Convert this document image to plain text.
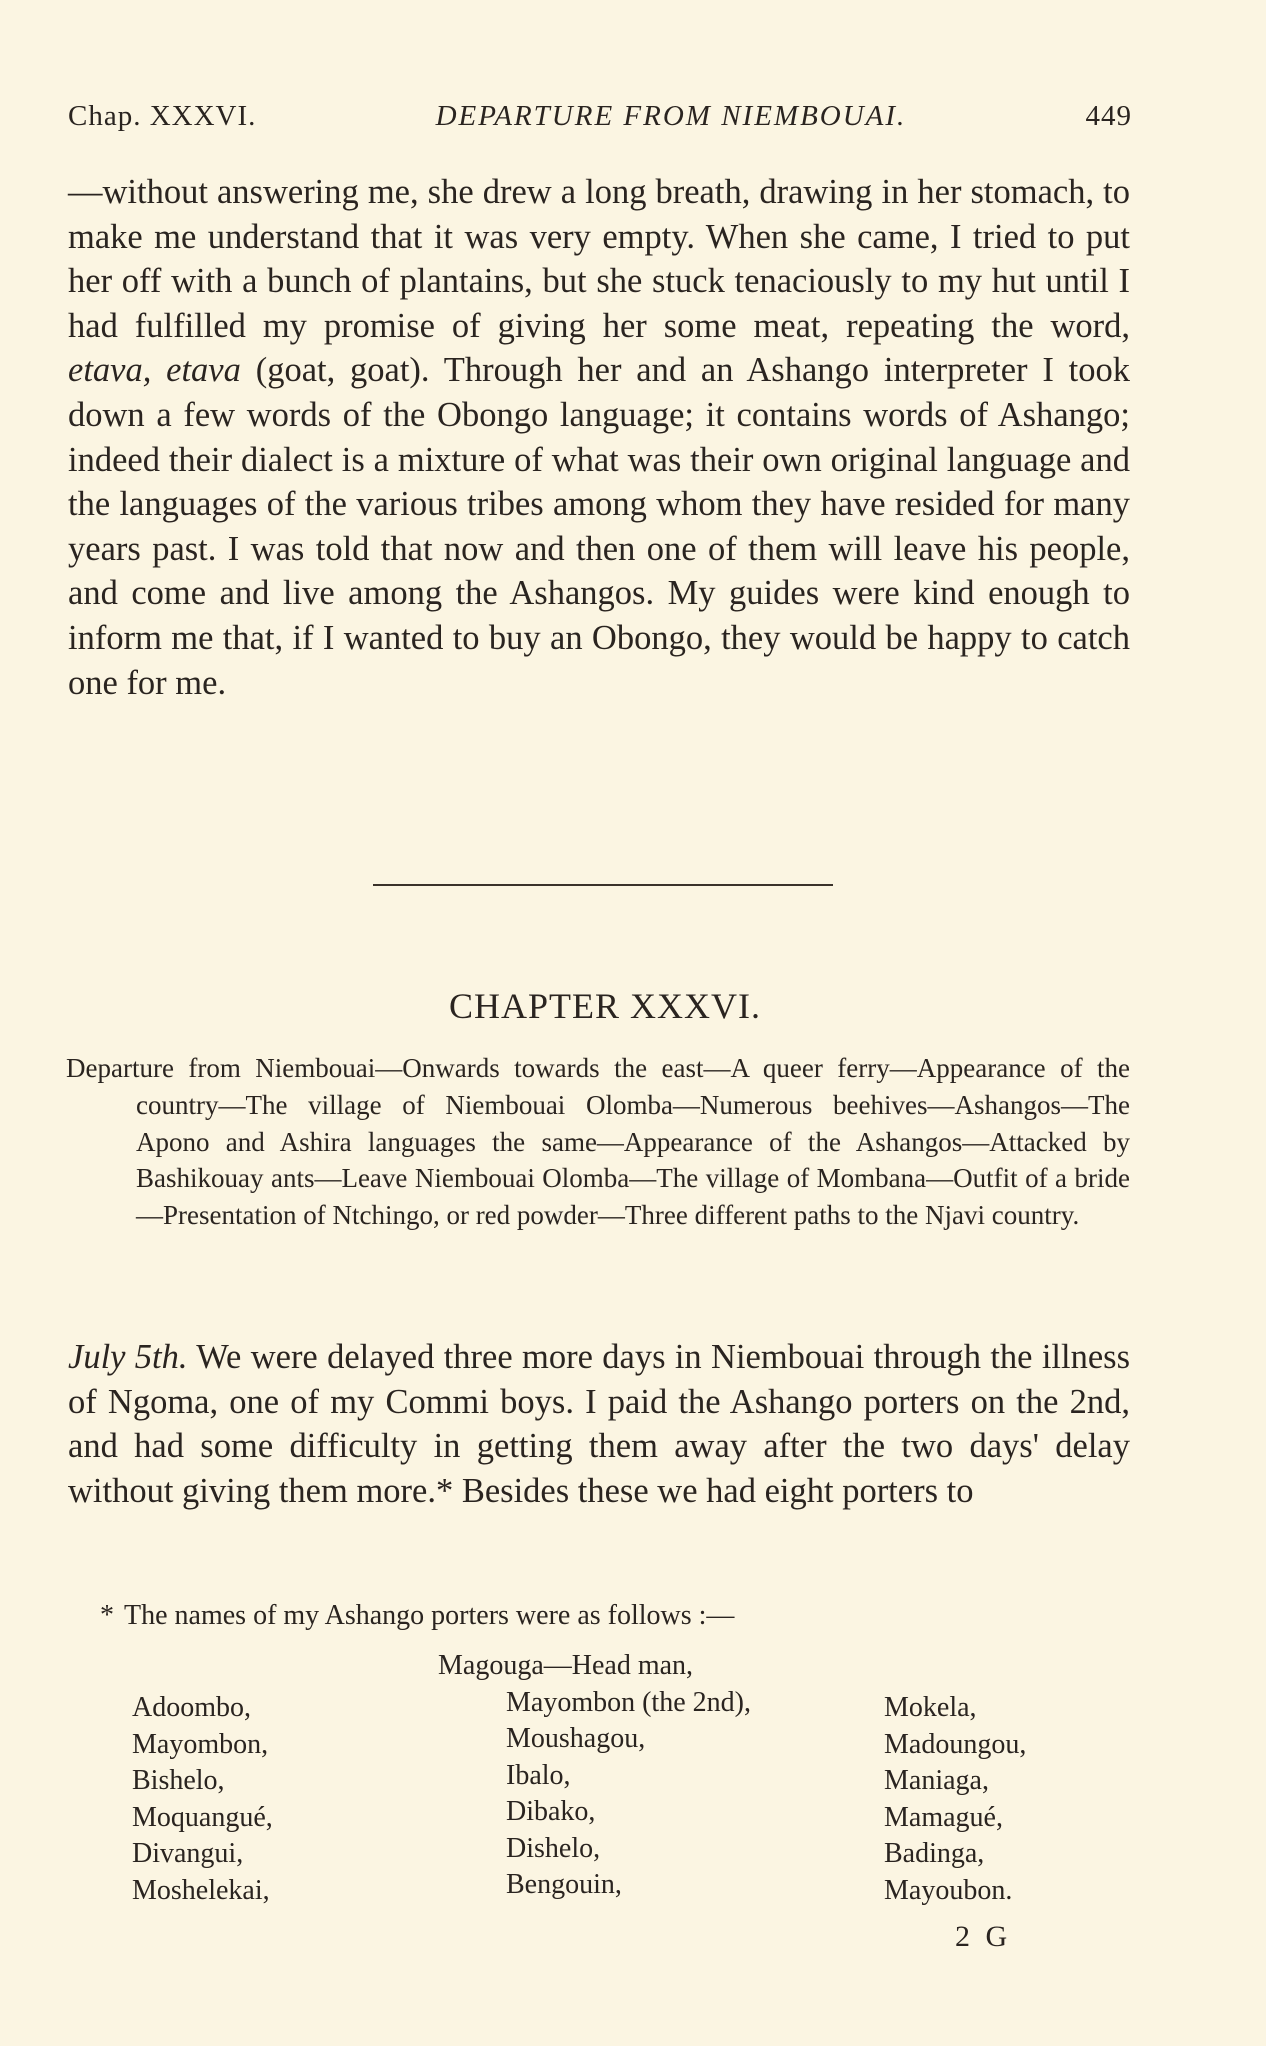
Chap. XXXVI.	DEPARTURE FROM NIEMBOUAI.	449
—without answering me, she drew a long breath, drawing in her stomach, to make me understand that it was very empty. When she came, I tried to put her off with a bunch of plantains, but she stuck tenaciously to my hut until I had fulfilled my promise of giving her some meat, repeating the word, etava, etava (goat, goat). Through her and an Ashango interpreter I took down a few words of the Obongo language; it contains words of Ashango; indeed their dialect is a mixture of what was their own original language and the languages of the various tribes among whom they have resided for many years past. I was told that now and then one of them will leave his people, and come and live among the Ashangos. My guides were kind enough to inform me that, if I wanted to buy an Obongo, they would be happy to catch one for me.
CHAPTER XXXVI.
Departure from Niembouai—Onwards towards the east—A queer ferry—Appearance of the country—The village of Niembouai Olomba—Numerous beehives—Ashangos—The Apono and Ashira languages the same—Appearance of the Ashangos—Attacked by Bashikouay ants—Leave Niembouai Olomba—The village of Mombana—Outfit of a bride—Presentation of Ntchingo, or red powder—Three different paths to the Njavi country.
July 5th. We were delayed three more days in Niembouai through the illness of Ngoma, one of my Commi boys. I paid the Ashango porters on the 2nd, and had some difficulty in getting them away after the two days' delay without giving them more.* Besides these we had eight porters to
* The names of my Ashango porters were as follows :—
Adoombo,
Mayombon,
Bishelo,
Moquangué,
Divangui,
Moshelekai,
Magouga—Head man,
Mayombon (the 2nd),
Moushagou,
Ibalo,
Dibako,
Dishelo,
Bengouin,
Mokela,
Madoungou,
Maniaga,
Mamagué,
Badinga,
Mayoubon.
2 G
